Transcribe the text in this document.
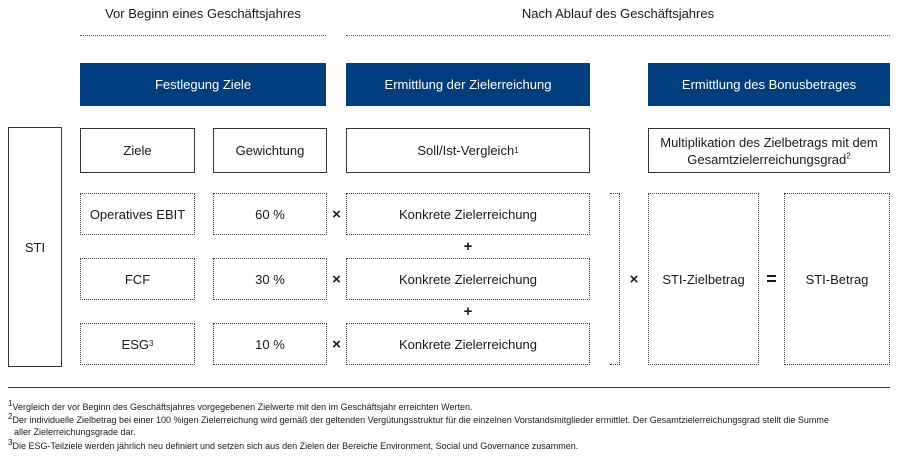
Vor Beginn eines Geschäftsjahres	Nach Ablauf des Geschäftsjahres
Festlegung Ziele	Ermittlung der Zielerreichung	Ermittlung des Bonusbetrages
STI
Ziele	Gewichtung	Soll/Ist-Vergleich 1
Multiplikation des Zielbetrags mit dem
Gesamtzielerreichungsgrad$^2$
Operatives EBIT	60 %	×	Konkrete Zielerreichung
+
FCF	30 %	×	Konkrete Zielerreichung
+
ESG 3	10 %	×	Konkrete Zielerreichung
×	STI-Zielbetrag	=	STI-Betrag
$^1$Vergleich der vor Beginn des Geschäftsjahres vorgegebenen Zielwerte mit den im Geschäftsjahr erreichten Werten.
$^2$Der individuelle Zielbetrag bei einer 100 %igen Zielerreichung wird gemäß der geltenden Vergütungsstruktur für die einzelnen Vorstandsmitglieder ermittlet. Der Gesamtzielerreichungsgrad stellt die Summe
aller Zielerreichungsgrade dar.
$^3$Die ESG-Teilziele werden jährlich neu definiert und setzen sich aus den Zielen der Bereiche Environment, Social und Governance zusammen.
